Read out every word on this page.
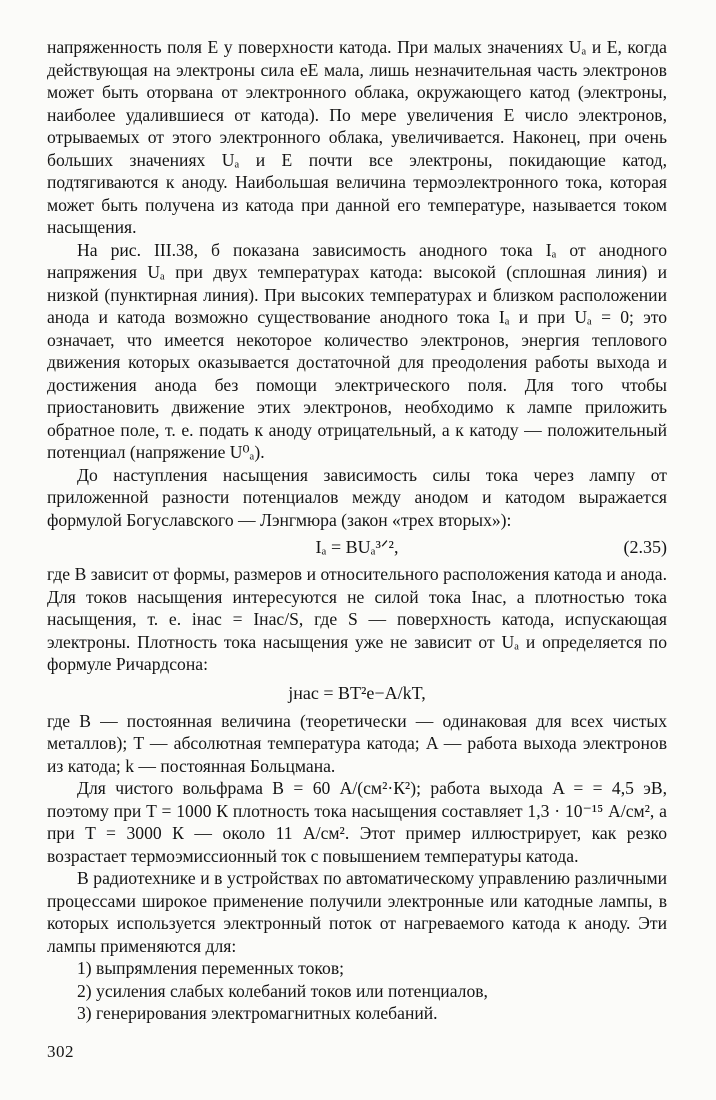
напряженность поля E у поверхности катода. При малых значениях Uₐ и E, когда действующая на электроны сила eE мала, лишь незначительная часть электронов может быть оторвана от электронного облака, окружающего катод (электроны, наиболее удалившиеся от катода). По мере увеличения E число электронов, отрываемых от этого электронного облака, увеличивается. Наконец, при очень больших значениях Uₐ и E почти все электроны, покидающие катод, подтягиваются к аноду. Наибольшая величина термоэлектронного тока, которая может быть получена из катода при данной его температуре, называется током насыщения.

На рис. III.38, б показана зависимость анодного тока Iₐ от анодного напряжения Uₐ при двух температурах катода: высокой (сплошная линия) и низкой (пунктирная линия). При высоких температурах и близком расположении анода и катода возможно существование анодного тока Iₐ и при Uₐ = 0; это означает, что имеется некоторое количество электронов, энергия теплового движения которых оказывается достаточной для преодоления работы выхода и достижения анода без помощи электрического поля. Для того чтобы приостановить движение этих электронов, необходимо к лампе приложить обратное поле, т. е. подать к аноду отрицательный, а к катоду — положительный потенциал (напряжение U⁰ₐ).

До наступления насыщения зависимость силы тока через лампу от приложенной разности потенциалов между анодом и катодом выражается формулой Богуславского — Лэнгмюра (закон «трех вторых»):

Iₐ = BUₐ³ᐟ²,	(2.35)

где B зависит от формы, размеров и относительного расположения катода и анода. Для токов насыщения интересуются не силой тока Iнас, а плотностью тока насыщения, т. е. iнас = Iнас/S, где S — поверхность катода, испускающая электроны. Плотность тока насыщения уже не зависит от Uₐ и определяется по формуле Ричардсона:

jнас = BT²e−A/kT,

где B — постоянная величина (теоретически — одинаковая для всех чистых металлов); T — абсолютная температура катода; A — работа выхода электронов из катода; k — постоянная Больцмана.

Для чистого вольфрама B = 60 А/(см²·К²); работа выхода A = = 4,5 эВ, поэтому при T = 1000 К плотность тока насыщения составляет 1,3 · 10⁻¹⁵ А/см², а при T = 3000 К — около 11 А/см². Этот пример иллюстрирует, как резко возрастает термоэмиссионный ток с повышением температуры катода.

В радиотехнике и в устройствах по автоматическому управлению различными процессами широкое применение получили электронные или катодные лампы, в которых используется электронный поток от нагреваемого катода к аноду. Эти лампы применяются для:

1) выпрямления переменных токов;

2) усиления слабых колебаний токов или потенциалов,

3) генерирования электромагнитных колебаний.

302
